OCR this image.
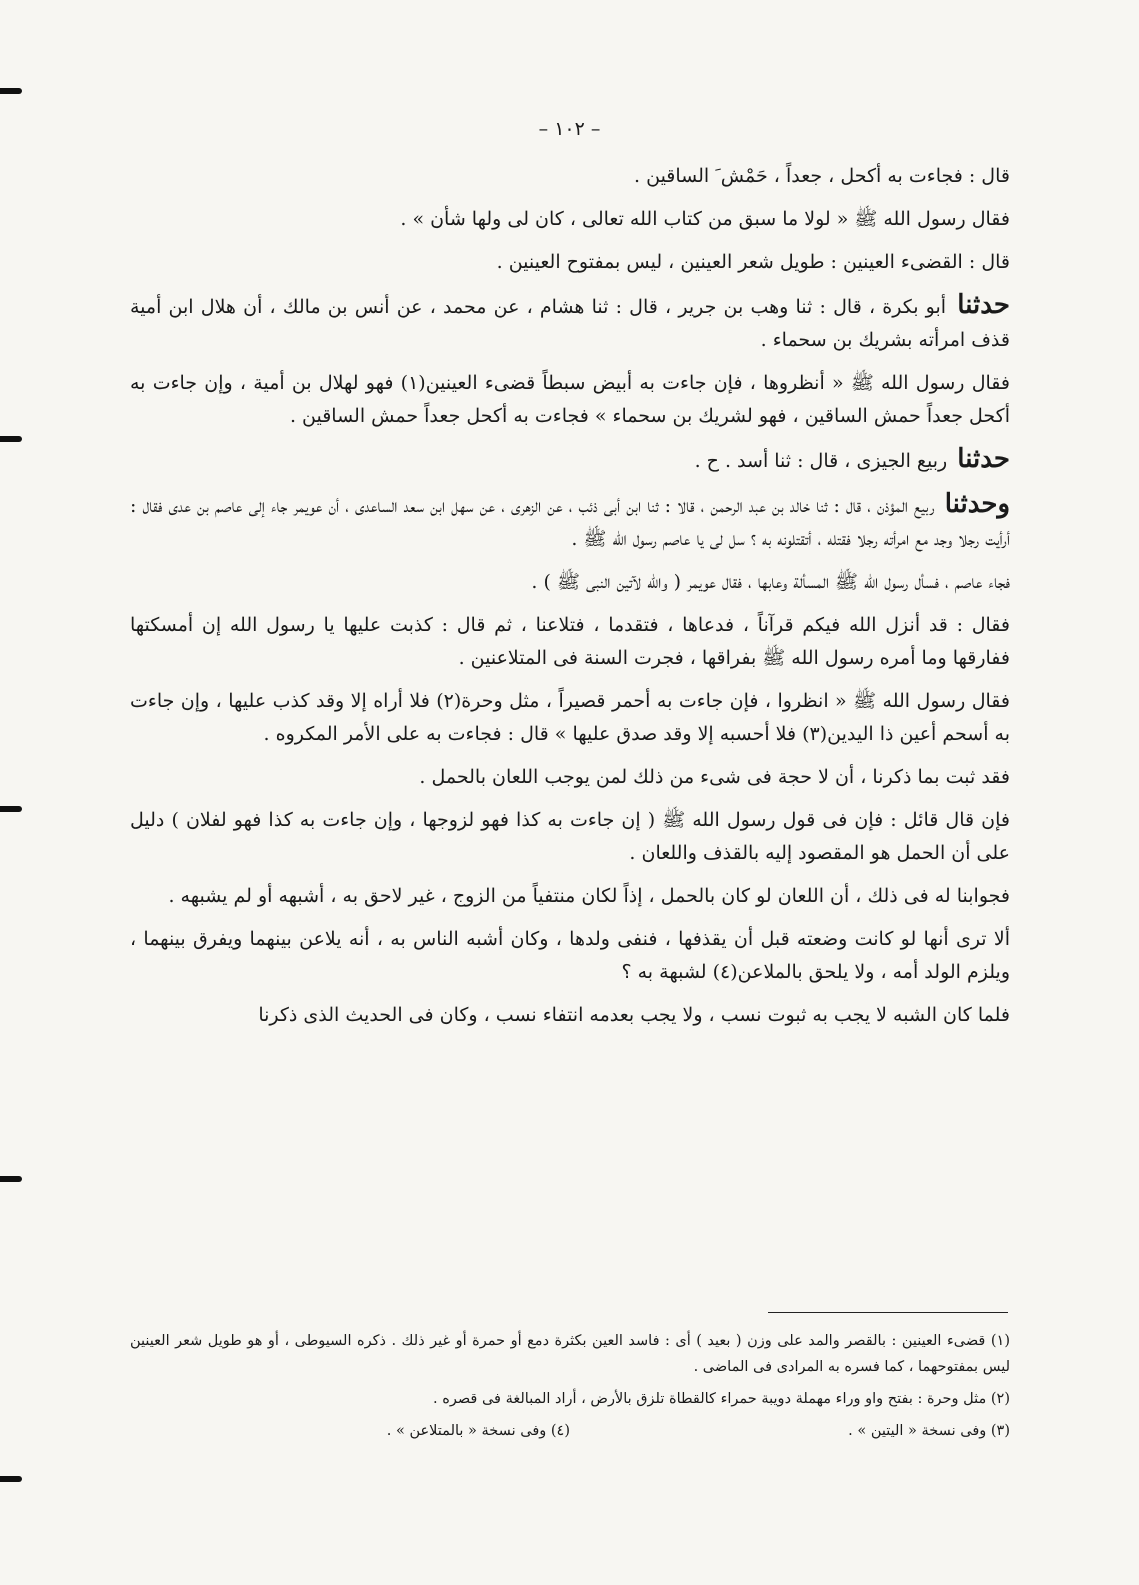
– ١٠٢ –

قال : فجاءت به أكحل ، جعداً ، حَمْش َ الساقين .

فقال رسول الله ﷺ « لولا ما سبق من كتاب الله تعالى ، كان لى ولها شأن » .

قال : القضىء العينين : طويل شعر العينين ، ليس بمفتوح العينين .

حدثنا أبو بكرة ، قال : ثنا وهب بن جرير ، قال : ثنا هشام ، عن محمد ، عن أنس بن مالك ، أن هلال ابن أمية قذف امرأته بشريك بن سحماء .

فقال رسول الله ﷺ « أنظروها ، فإن جاءت به أبيض سبطاً قضىء العينين(١) فهو لهلال بن أمية ، وإن جاءت به أكحل جعداً حمش الساقين ، فهو لشريك بن سحماء » فجاءت به أكحل جعداً حمش الساقين .

حدثنا ربيع الجيزى ، قال : ثنا أسد . ح .

وحدثنا ربيع المؤذن ، قال : ثنا خالد بن عبد الرحمن ، قالا : ثنا ابن أبى ذئب ، عن الزهرى ، عن سهل ابن سعد الساعدى ، أن عويمر جاء إلى عاصم بن عدى فقال : أرأيت رجلا وجد مع امرأته رجلا فقتله ، أتقتلونه به ؟ سل لى يا عاصم رسول الله ﷺ .

فجاء عاصم ، فسأل رسول الله ﷺ المسألة وعابها ، فقال عويمر ( والله لآتين النبى ﷺ ) .

فقال : قد أنزل الله فيكم قرآناً ، فدعاها ، فتقدما ، فتلاعنا ، ثم قال : كذبت عليها يا رسول الله إن أمسكتها ففارقها وما أمره رسول الله ﷺ بفراقها ، فجرت السنة فى المتلاعنين .

فقال رسول الله ﷺ « انظروا ، فإن جاءت به أحمر قصيراً ، مثل وحرة(٢) فلا أراه إلا وقد كذب عليها ، وإن جاءت به أسحم أعين ذا اليدين(٣) فلا أحسبه إلا وقد صدق عليها » قال : فجاءت به على الأمر المكروه .

فقد ثبت بما ذكرنا ، أن لا حجة فى شىء من ذلك لمن يوجب اللعان بالحمل .

فإن قال قائل : فإن فى قول رسول الله ﷺ ( إن جاءت به كذا فهو لزوجها ، وإن جاءت به كذا فهو لفلان ) دليل على أن الحمل هو المقصود إليه بالقذف واللعان .

فجوابنا له فى ذلك ، أن اللعان لو كان بالحمل ، إذاً لكان منتفياً من الزوج ، غير لاحق به ، أشبهه أو لم يشبهه .

ألا ترى أنها لو كانت وضعته قبل أن يقذفها ، فنفى ولدها ، وكان أشبه الناس به ، أنه يلاعن بينهما ويفرق بينهما ، ويلزم الولد أمه ، ولا يلحق بالملاعن(٤) لشبهة به ؟

فلما كان الشبه لا يجب به ثبوت نسب ، ولا يجب بعدمه انتفاء نسب ، وكان فى الحديث الذى ذكرنا

(١) قضىء العينين : بالقصر والمد على وزن ( بعيد ) أى : فاسد العين بكثرة دمع أو حمرة أو غير ذلك . ذكره السيوطى ، أو هو طويل شعر العينين ليس بمفتوحهما ، كما فسره به المرادى فى الماضى .

(٢) مثل وحرة : بفتح واو وراء مهملة دويبة حمراء كالقطاة تلزق بالأرض ، أراد المبالغة فى قصره .

(٣) وفى نسخة « اليتين » .

(٤) وفى نسخة « بالمتلاعن » .
